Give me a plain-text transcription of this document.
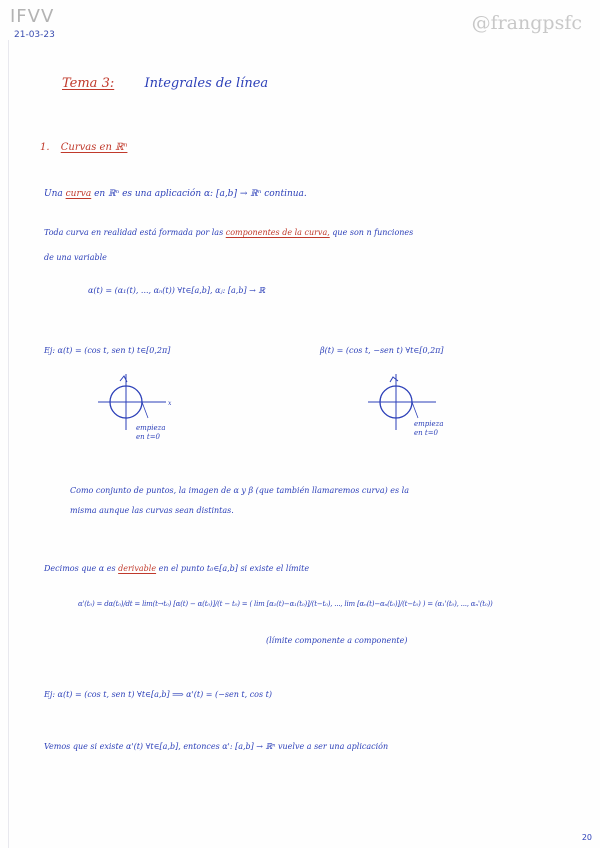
IFVV
21-03-23
@frangpsfc
Tema 3: Integrales de línea
1. Curvas en ℝⁿ
Una curva en ℝⁿ es una aplicación α: [a,b] → ℝⁿ continua.
Toda curva en realidad está formada por las componentes de la curva, que son n funciones
de una variable
α(t) = (α₁(t), ..., αₙ(t)) ∀t∈[a,b], αⱼ: [a,b] → ℝ
Ej: α(t) = (cos t, sen t) t∈[0,2π]	β(t) = (cos t, −sen t) ∀t∈[0,2π]
x
empieza
en t=0
empieza
en t=0
Como conjunto de puntos, la imagen de α y β (que también llamaremos curva) es la
misma aunque las curvas sean distintas.
Decimos que α es derivable en el punto t₀∈[a,b] si existe el límite
α'(t₀) = dα(t₀)/dt = lim(t→t₀) [α(t) − α(t₀)]/(t − t₀) = ( lim [α₁(t)−α₁(t₀)]/(t−t₀), ..., lim [αₙ(t)−αₙ(t₀)]/(t−t₀) ) = (α₁'(t₀), ..., αₙ'(t₀))
(límite componente a componente)
Ej: α(t) = (cos t, sen t) ∀t∈[a,b] ⟹ α'(t) = (−sen t, cos t)
Vemos que si existe α'(t) ∀t∈[a,b], entonces α': [a,b] → ℝⁿ vuelve a ser una aplicación
20
